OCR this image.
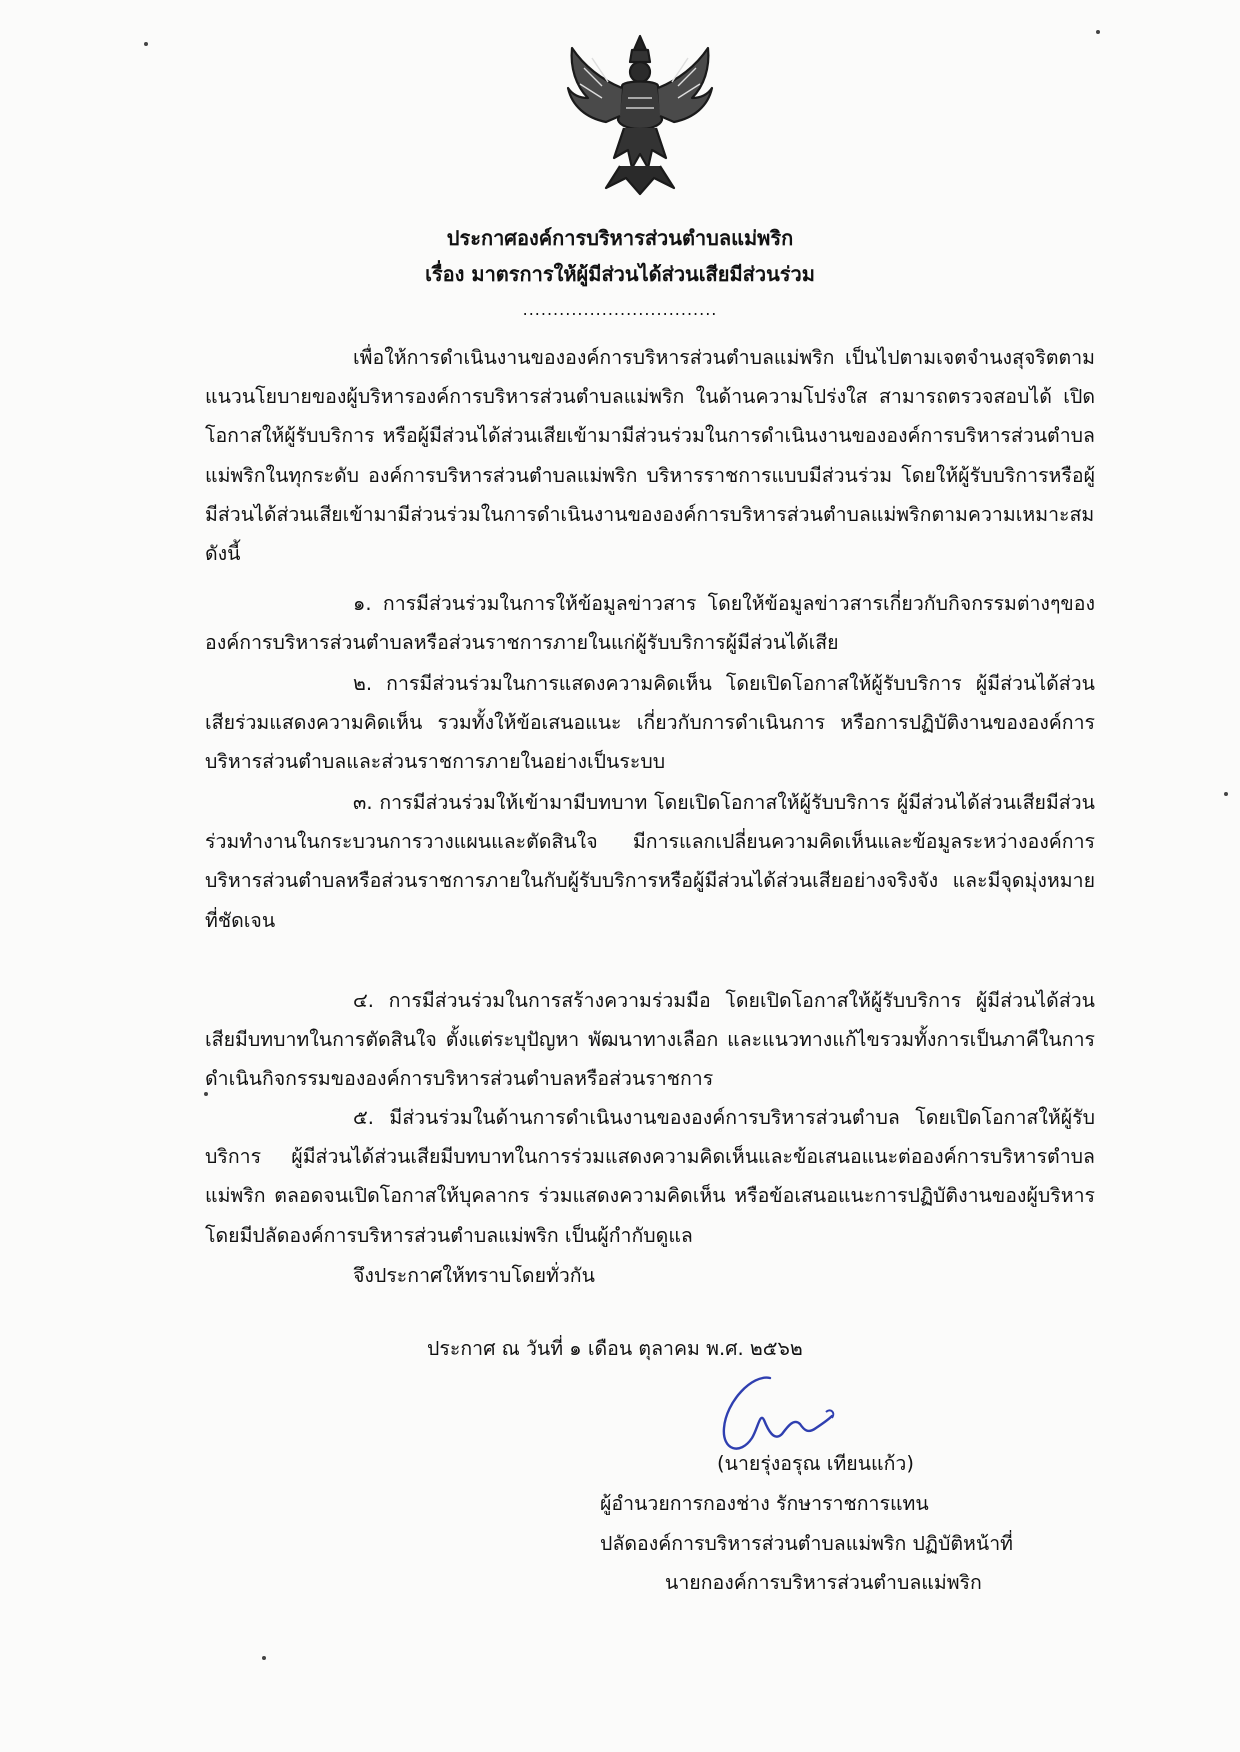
ประกาศองค์การบริหารส่วนตำบลแม่พริก
เรื่อง มาตรการให้ผู้มีส่วนได้ส่วนเสียมีส่วนร่วม
................................

เพื่อให้การดำเนินงานขององค์การบริหารส่วนตำบลแม่พริก เป็นไปตามเจตจำนงสุจริตตามแนวนโยบายของผู้บริหารองค์การบริหารส่วนตำบลแม่พริก ในด้านความโปร่งใส สามารถตรวจสอบได้ เปิดโอกาสให้ผู้รับบริการ หรือผู้มีส่วนได้ส่วนเสียเข้ามามีส่วนร่วมในการดำเนินงานขององค์การบริหารส่วนตำบลแม่พริกในทุกระดับ องค์การบริหารส่วนตำบลแม่พริก บริหารราชการแบบมีส่วนร่วม โดยให้ผู้รับบริการหรือผู้มีส่วนได้ส่วนเสียเข้ามามีส่วนร่วมในการดำเนินงานขององค์การบริหารส่วนตำบลแม่พริกตามความเหมาะสม ดังนี้

๑. การมีส่วนร่วมในการให้ข้อมูลข่าวสาร โดยให้ข้อมูลข่าวสารเกี่ยวกับกิจกรรมต่างๆของ องค์การบริหารส่วนตำบลหรือส่วนราชการภายในแก่ผู้รับบริการผู้มีส่วนได้เสีย

๒. การมีส่วนร่วมในการแสดงความคิดเห็น โดยเปิดโอกาสให้ผู้รับบริการ ผู้มีส่วนได้ส่วนเสียร่วมแสดงความคิดเห็น รวมทั้งให้ข้อเสนอแนะ เกี่ยวกับการดำเนินการ หรือการปฏิบัติงานขององค์การบริหารส่วนตำบลและส่วนราชการภายในอย่างเป็นระบบ

๓. การมีส่วนร่วมให้เข้ามามีบทบาท โดยเปิดโอกาสให้ผู้รับบริการ ผู้มีส่วนได้ส่วนเสียมีส่วนร่วมทำงานในกระบวนการวางแผนและตัดสินใจ มีการแลกเปลี่ยนความคิดเห็นและข้อมูลระหว่างองค์การบริหารส่วนตำบลหรือส่วนราชการภายในกับผู้รับบริการหรือผู้มีส่วนได้ส่วนเสียอย่างจริงจัง และมีจุดมุ่งหมายที่ชัดเจน

๔. การมีส่วนร่วมในการสร้างความร่วมมือ โดยเปิดโอกาสให้ผู้รับบริการ ผู้มีส่วนได้ส่วนเสียมีบทบาทในการตัดสินใจ ตั้งแต่ระบุปัญหา พัฒนาทางเลือก และแนวทางแก้ไขรวมทั้งการเป็นภาคีในการดำเนินกิจกรรมขององค์การบริหารส่วนตำบลหรือส่วนราชการ

๕. มีส่วนร่วมในด้านการดำเนินงานขององค์การบริหารส่วนตำบล โดยเปิดโอกาสให้ผู้รับบริการ ผู้มีส่วนได้ส่วนเสียมีบทบาทในการร่วมแสดงความคิดเห็นและข้อเสนอแนะต่อองค์การบริหารตำบลแม่พริก ตลอดจนเปิดโอกาสให้บุคลากร ร่วมแสดงความคิดเห็น หรือข้อเสนอแนะการปฏิบัติงานของผู้บริหารโดยมีปลัดองค์การบริหารส่วนตำบลแม่พริก เป็นผู้กำกับดูแล

จึงประกาศให้ทราบโดยทั่วกัน
ประกาศ ณ วันที่ ๑ เดือน ตุลาคม พ.ศ. ๒๕๖๒
(นายรุ่งอรุณ เทียนแก้ว)
ผู้อำนวยการกองช่าง รักษาราชการแทน
ปลัดองค์การบริหารส่วนตำบลแม่พริก ปฏิบัติหน้าที่
นายกองค์การบริหารส่วนตำบลแม่พริก
